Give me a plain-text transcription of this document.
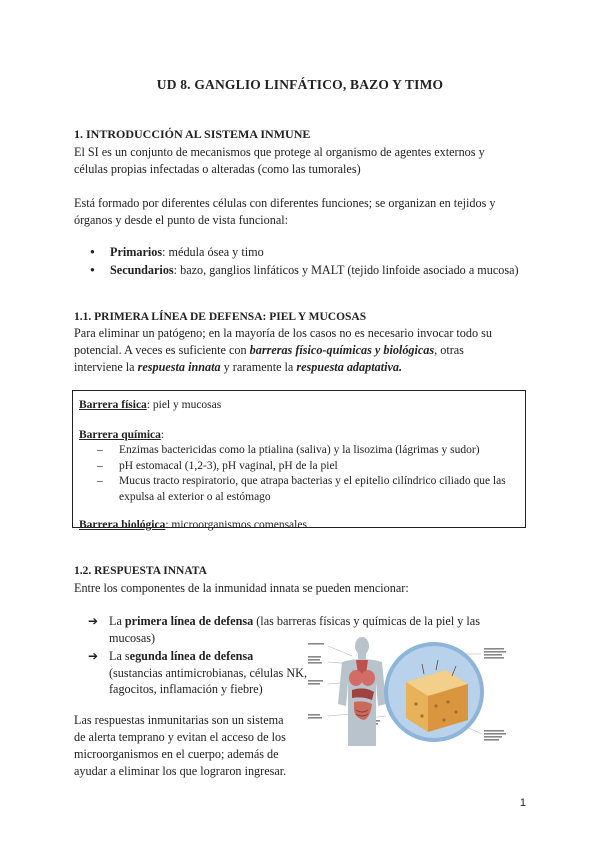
UD 8. GANGLIO LINFÁTICO, BAZO Y TIMO
1. INTRODUCCIÓN AL SISTEMA INMUNE
El SI es un conjunto de mecanismos que protege al organismo de agentes externos y
células propias infectadas o alteradas (como las tumorales)
Está formado por diferentes células con diferentes funciones; se organizan en tejidos y
órganos y desde el punto de vista funcional:
● Primarios: médula ósea y timo
● Secundarios: bazo, ganglios linfáticos y MALT (tejido linfoide asociado a mucosa)
1.1. PRIMERA LÍNEA DE DEFENSA: PIEL Y MUCOSAS
Para eliminar un patógeno; en la mayoría de los casos no es necesario invocar todo su
potencial. A veces es suficiente con barreras físico-químicas y biológicas, otras
interviene la respuesta innata y raramente la respuesta adaptativa.
Barrera física: piel y mucosas
Barrera química:
– Enzimas bactericidas como la ptialina (saliva) y la lisozima (lágrimas y sudor)
– pH estomacal (1,2-3), pH vaginal, pH de la piel
– Mucus tracto respiratorio, que atrapa bacterias y el epitelio cilíndrico ciliado que las expulsa al exterior o al estómago
Barrera biológica: microorganismos comensales
1.2. RESPUESTA INNATA
Entre los componentes de la inmunidad innata se pueden mencionar:
➔ La primera línea de defensa (las barreras físicas y químicas de la piel y las mucosas)
➔ La segunda línea de defensa
(sustancias antimicrobianas, células NK, fagocitos, inflamación y fiebre)
Las respuestas inmunitarias son un sistema
de alerta temprano y evitan el acceso de los
microorganismos en el cuerpo; además de
ayudar a eliminar los que lograron ingresar.
1
